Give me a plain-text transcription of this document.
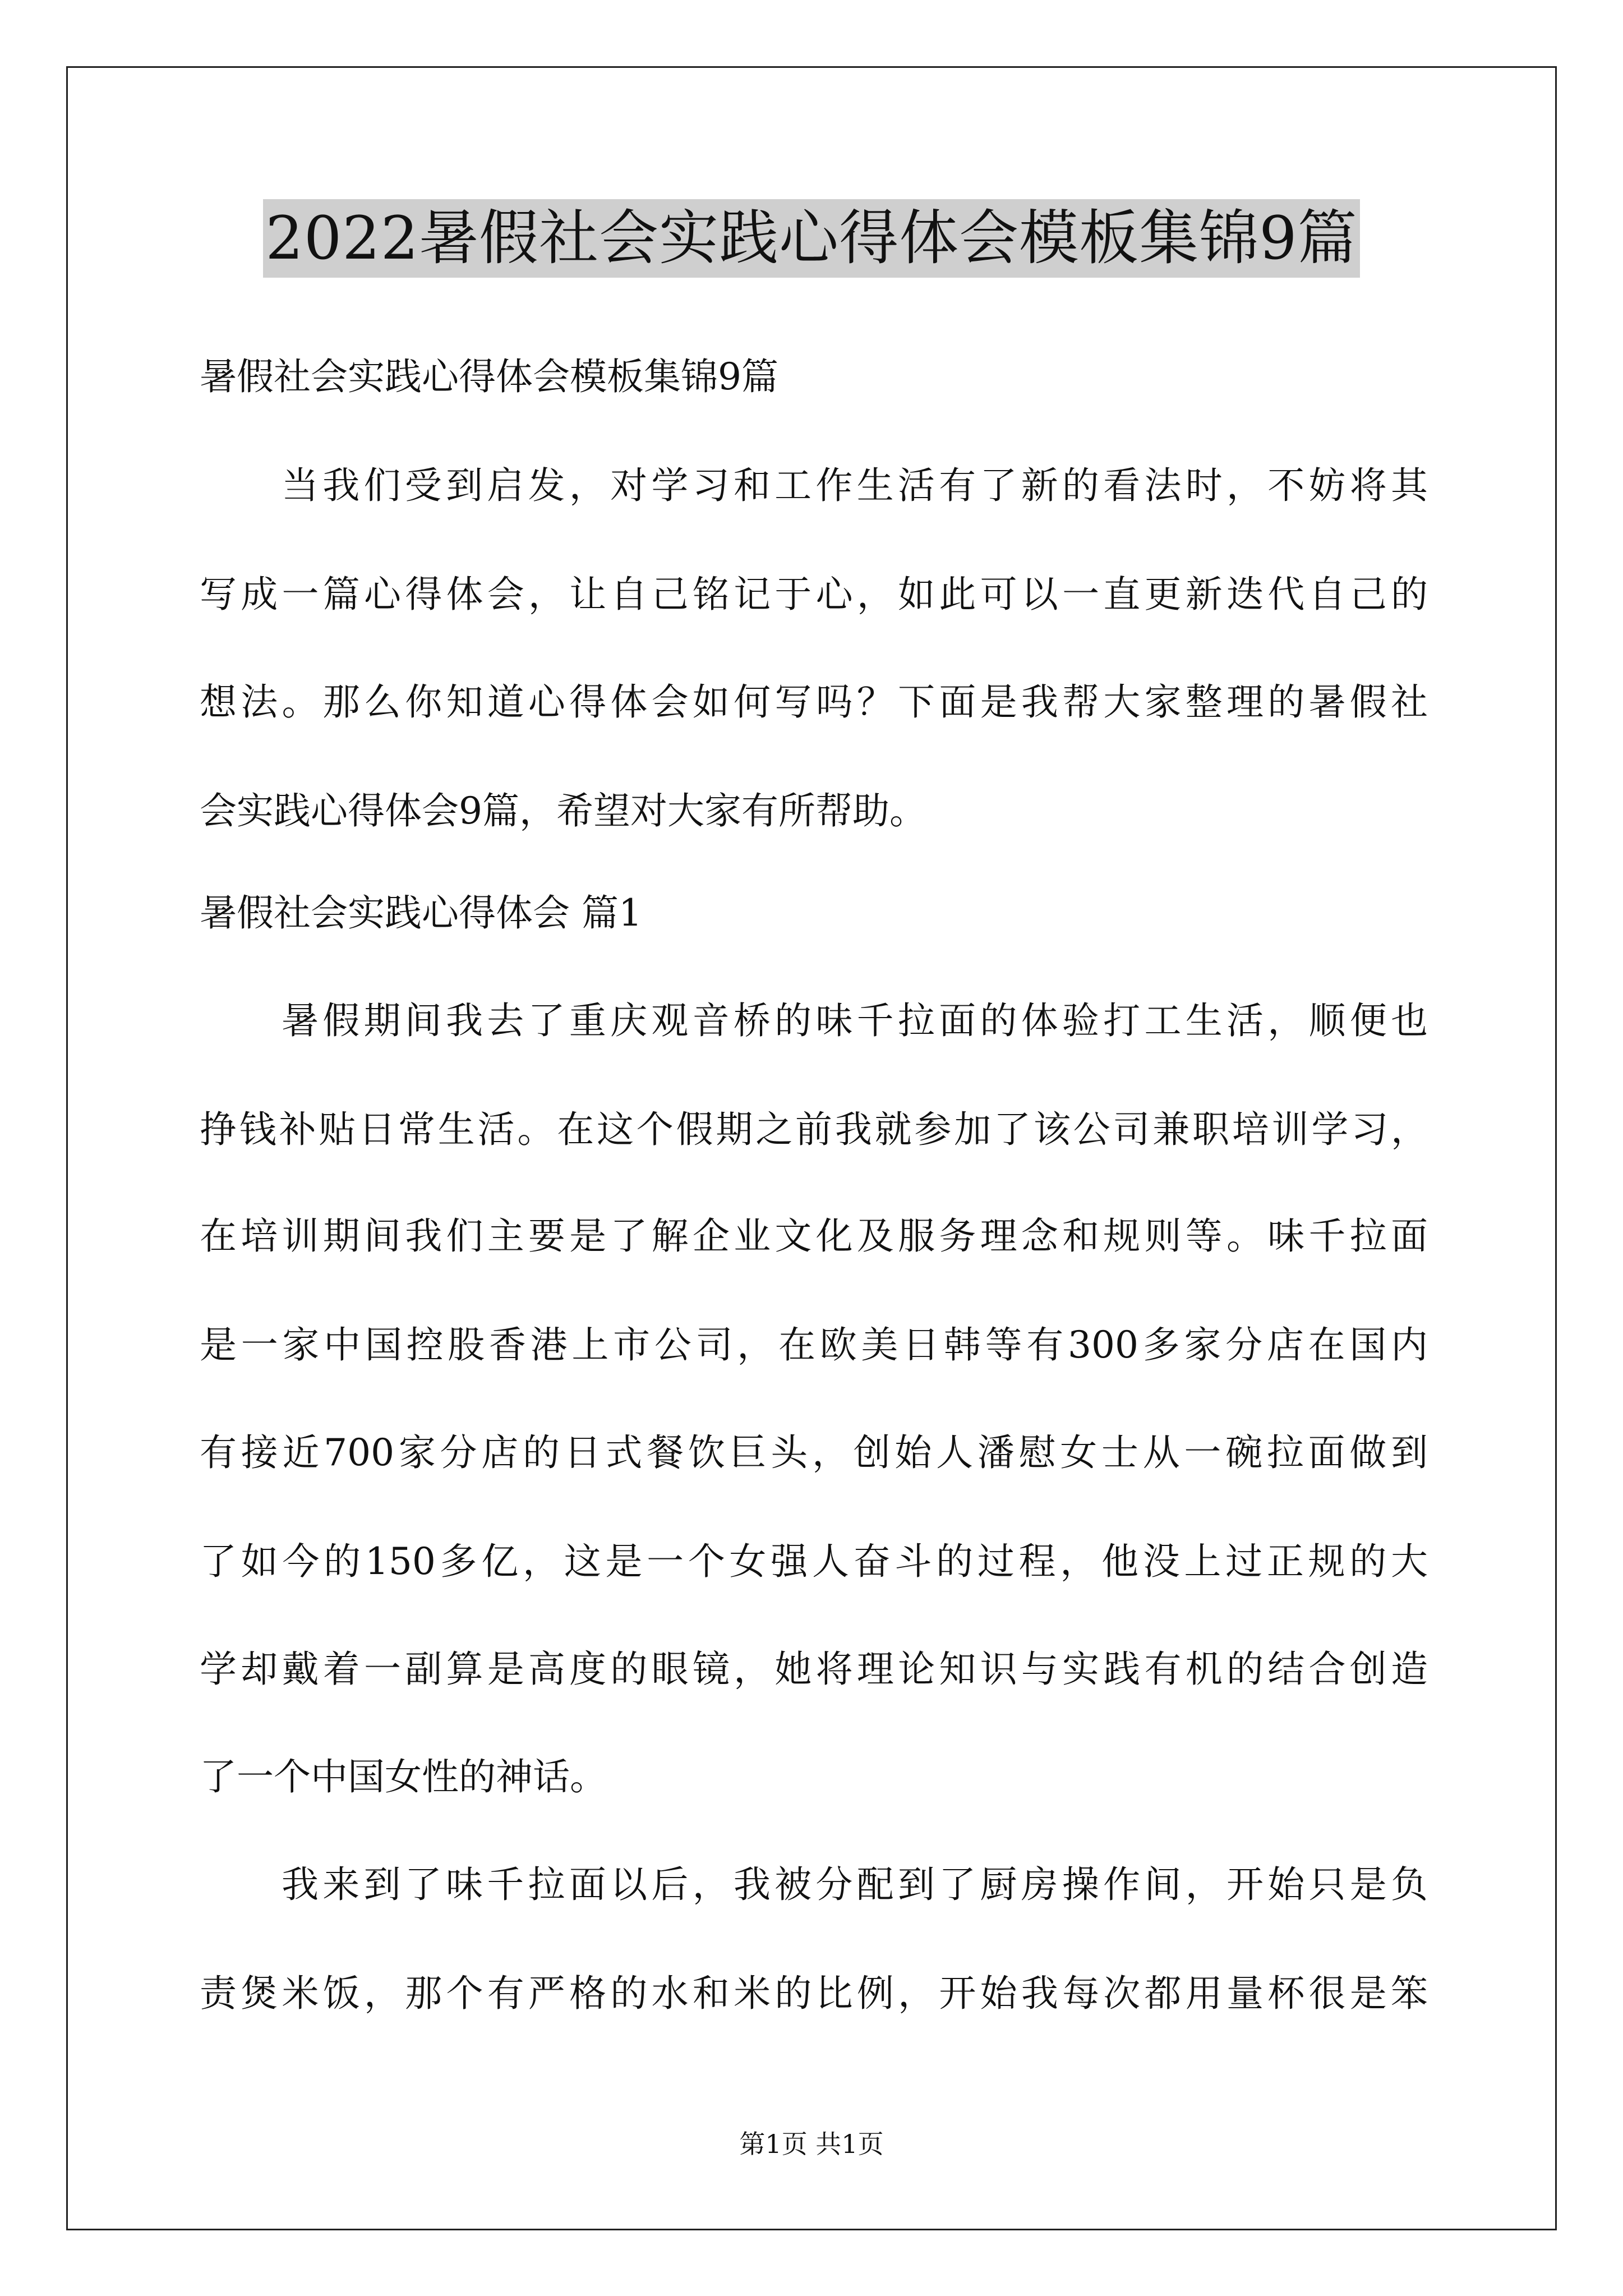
2022暑假社会实践心得体会模板集锦9篇

暑假社会实践心得体会模板集锦9篇

当我们受到启发，对学习和工作生活有了新的看法时，不妨将其

写成一篇心得体会，让自己铭记于心，如此可以一直更新迭代自己的

想法。那么你知道心得体会如何写吗？下面是我帮大家整理的暑假社

会实践心得体会9篇，希望对大家有所帮助。

暑假社会实践心得体会 篇1

暑假期间我去了重庆观音桥的味千拉面的体验打工生活，顺便也

挣钱补贴日常生活。在这个假期之前我就参加了该公司兼职培训学习，

在培训期间我们主要是了解企业文化及服务理念和规则等。味千拉面

是一家中国控股香港上市公司，在欧美日韩等有300多家分店在国内

有接近700家分店的日式餐饮巨头，创始人潘慰女士从一碗拉面做到

了如今的150多亿，这是一个女强人奋斗的过程，他没上过正规的大

学却戴着一副算是高度的眼镜，她将理论知识与实践有机的结合创造

了一个中国女性的神话。

我来到了味千拉面以后，我被分配到了厨房操作间，开始只是负

责煲米饭，那个有严格的水和米的比例，开始我每次都用量杯很是笨

第1页 共1页
